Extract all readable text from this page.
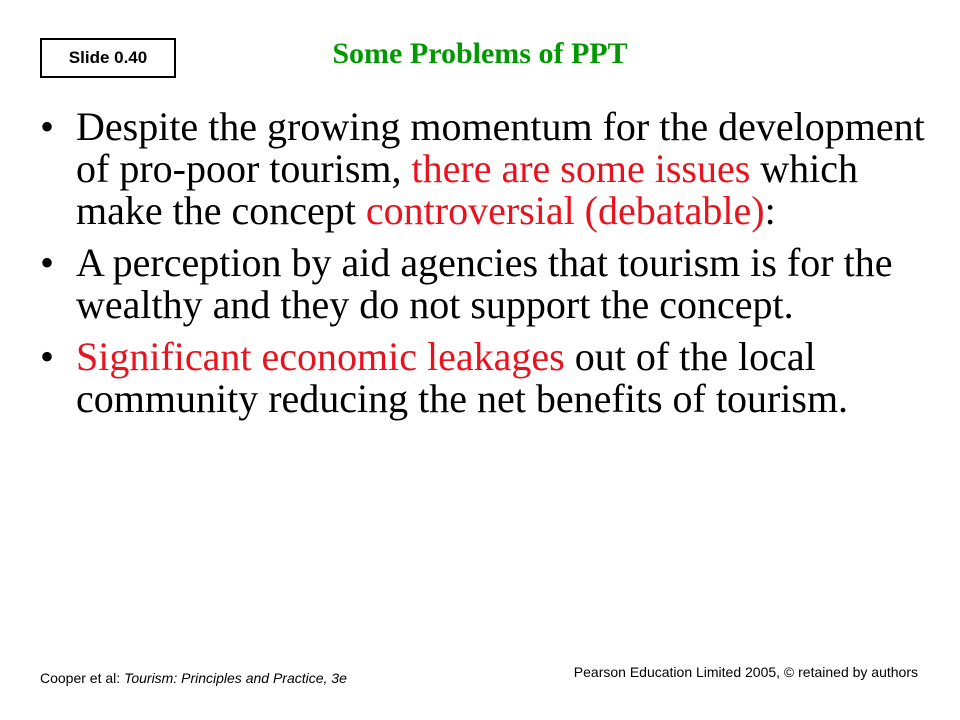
Slide 0.40	Some Problems of PPT
• Despite the growing momentum for the development of pro-poor tourism, there are some issues which make the concept controversial (debatable):
• A perception by aid agencies that tourism is for the wealthy and they do not support the concept.
• Significant economic leakages out of the local community reducing the net benefits of tourism.
Cooper et al: Tourism: Principles and Practice, 3e	Pearson Education Limited 2005, © retained by authors
